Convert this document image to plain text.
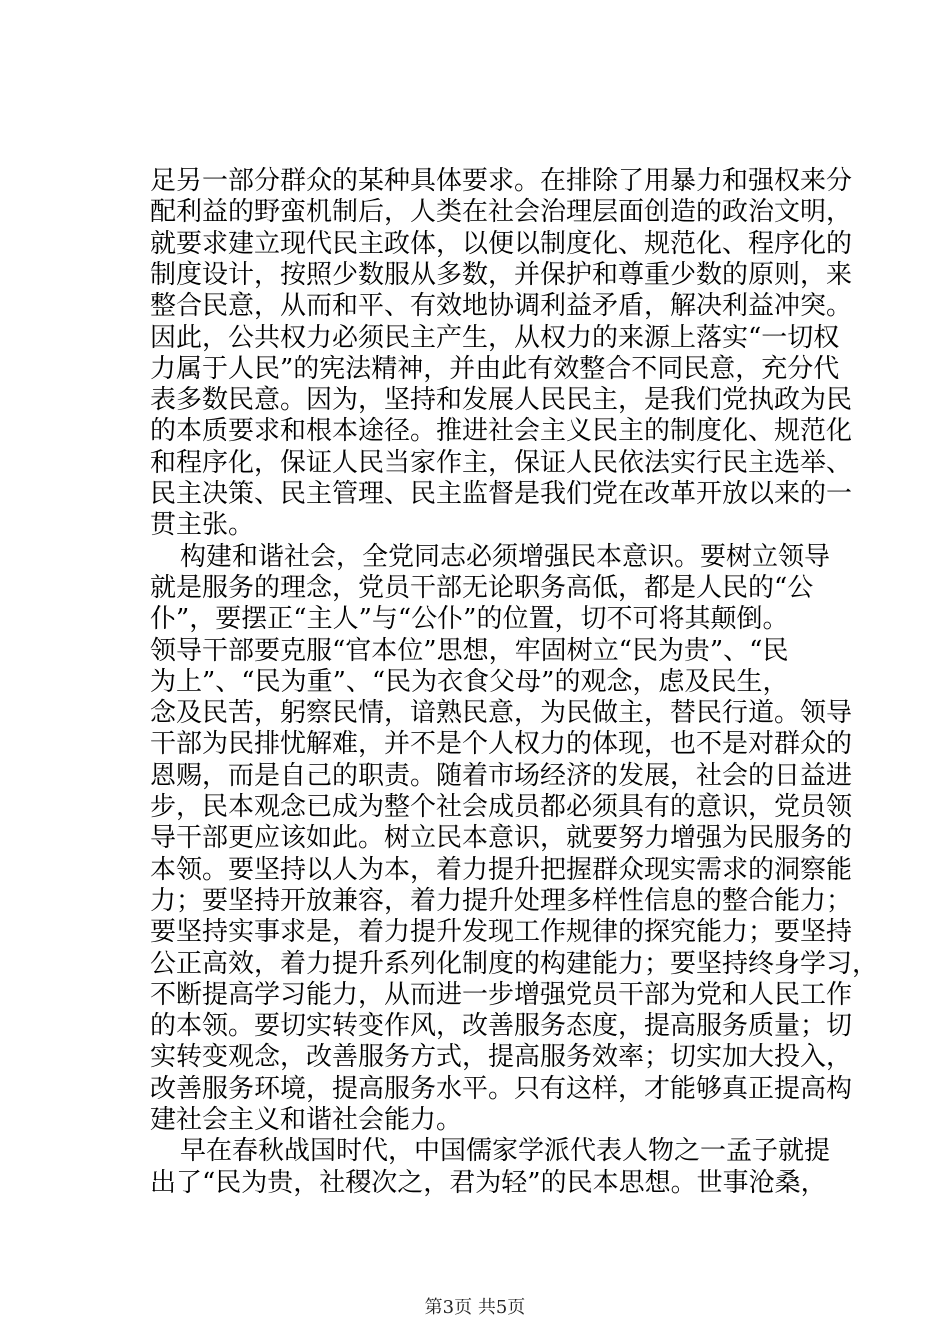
足另一部分群众的某种具体要求。在排除了用暴力和强权来分
配利益的野蛮机制后，人类在社会治理层面创造的政治文明，
就要求建立现代民主政体，以便以制度化、规范化、程序化的
制度设计，按照少数服从多数，并保护和尊重少数的原则，来
整合民意，从而和平、有效地协调利益矛盾，解决利益冲突。
因此，公共权力必须民主产生，从权力的来源上落实“一切权
力属于人民”的宪法精神，并由此有效整合不同民意，充分代
表多数民意。因为，坚持和发展人民民主，是我们党执政为民
的本质要求和根本途径。推进社会主义民主的制度化、规范化
和程序化，保证人民当家作主，保证人民依法实行民主选举、
民主决策、民主管理、民主监督是我们党在改革开放以来的一
贯主张。
构建和谐社会，全党同志必须增强民本意识。要树立领导
就是服务的理念，党员干部无论职务高低，都是人民的“公
仆”，要摆正“主人”与“公仆”的位置，切不可将其颠倒。
领导干部要克服“官本位”思想，牢固树立“民为贵”、“民
为上”、“民为重”、“民为衣食父母”的观念，虑及民生，
念及民苦，躬察民情，谙熟民意，为民做主，替民行道。领导
干部为民排忧解难，并不是个人权力的体现，也不是对群众的
恩赐，而是自己的职责。随着市场经济的发展，社会的日益进
步，民本观念已成为整个社会成员都必须具有的意识，党员领
导干部更应该如此。树立民本意识，就要努力增强为民服务的
本领。要坚持以人为本，着力提升把握群众现实需求的洞察能
力；要坚持开放兼容，着力提升处理多样性信息的整合能力；
要坚持实事求是，着力提升发现工作规律的探究能力；要坚持
公正高效，着力提升系列化制度的构建能力；要坚持终身学习，
不断提高学习能力，从而进一步增强党员干部为党和人民工作
的本领。要切实转变作风，改善服务态度，提高服务质量；切
实转变观念，改善服务方式，提高服务效率；切实加大投入，
改善服务环境，提高服务水平。只有这样，才能够真正提高构
建社会主义和谐社会能力。
早在春秋战国时代，中国儒家学派代表人物之一孟子就提
出了“民为贵，社稷次之，君为轻”的民本思想。世事沧桑，
第3页 共5页
